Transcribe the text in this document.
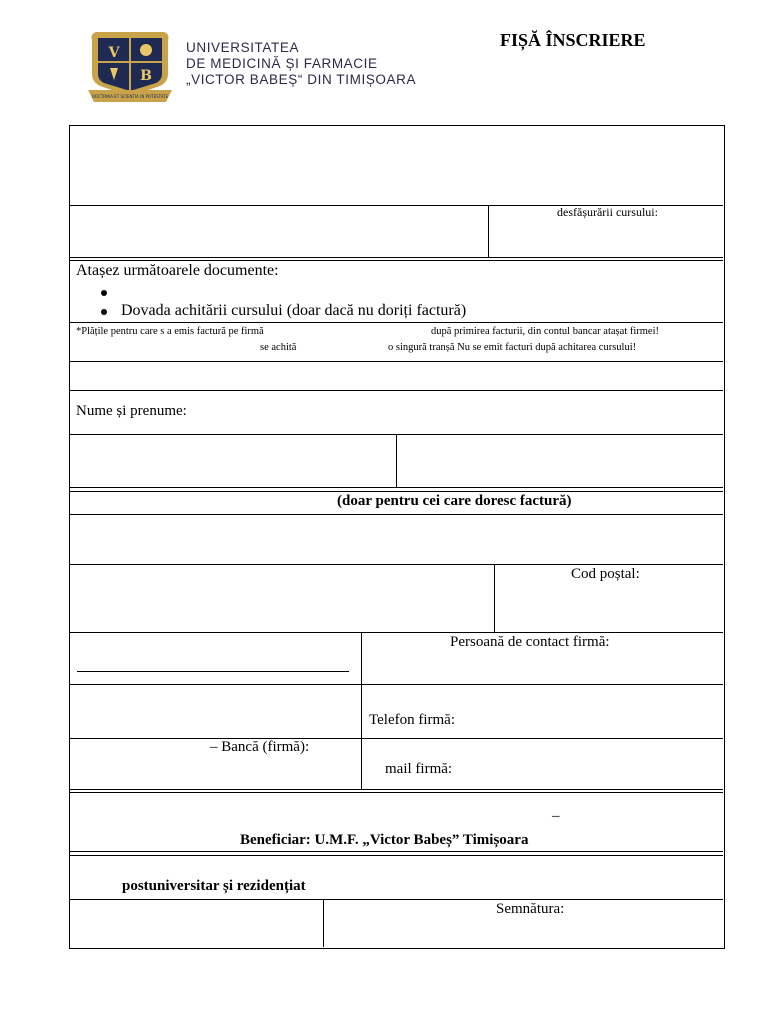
V
B
DOCTRINA ET SCIENTIA IN POTESTATE
UNIVERSITATEA
DE MEDICINĂ ȘI FARMACIE
„VICTOR BABEȘ“ DIN TIMIȘOARA
FIȘĂ ÎNSCRIERE
desfășurării cursului:
Atașez următoarele documente:
Dovada achitării cursului (doar dacă nu doriți factură)
*Plățile pentru care s a emis factură pe firmă	după primirea facturii, din contul bancar atașat firmei!
se achită	o singură tranșă Nu se emit facturi după achitarea cursului!
Nume și prenume:
(doar pentru cei care doresc factură)
Cod poștal:
Persoană de contact firmă:
Telefon firmă:
– Bancă (firmă):
mail firmă:
–
Beneficiar: U.M.F. „Victor Babeș” Timișoara
postuniversitar și rezidențiat
Semnătura:
